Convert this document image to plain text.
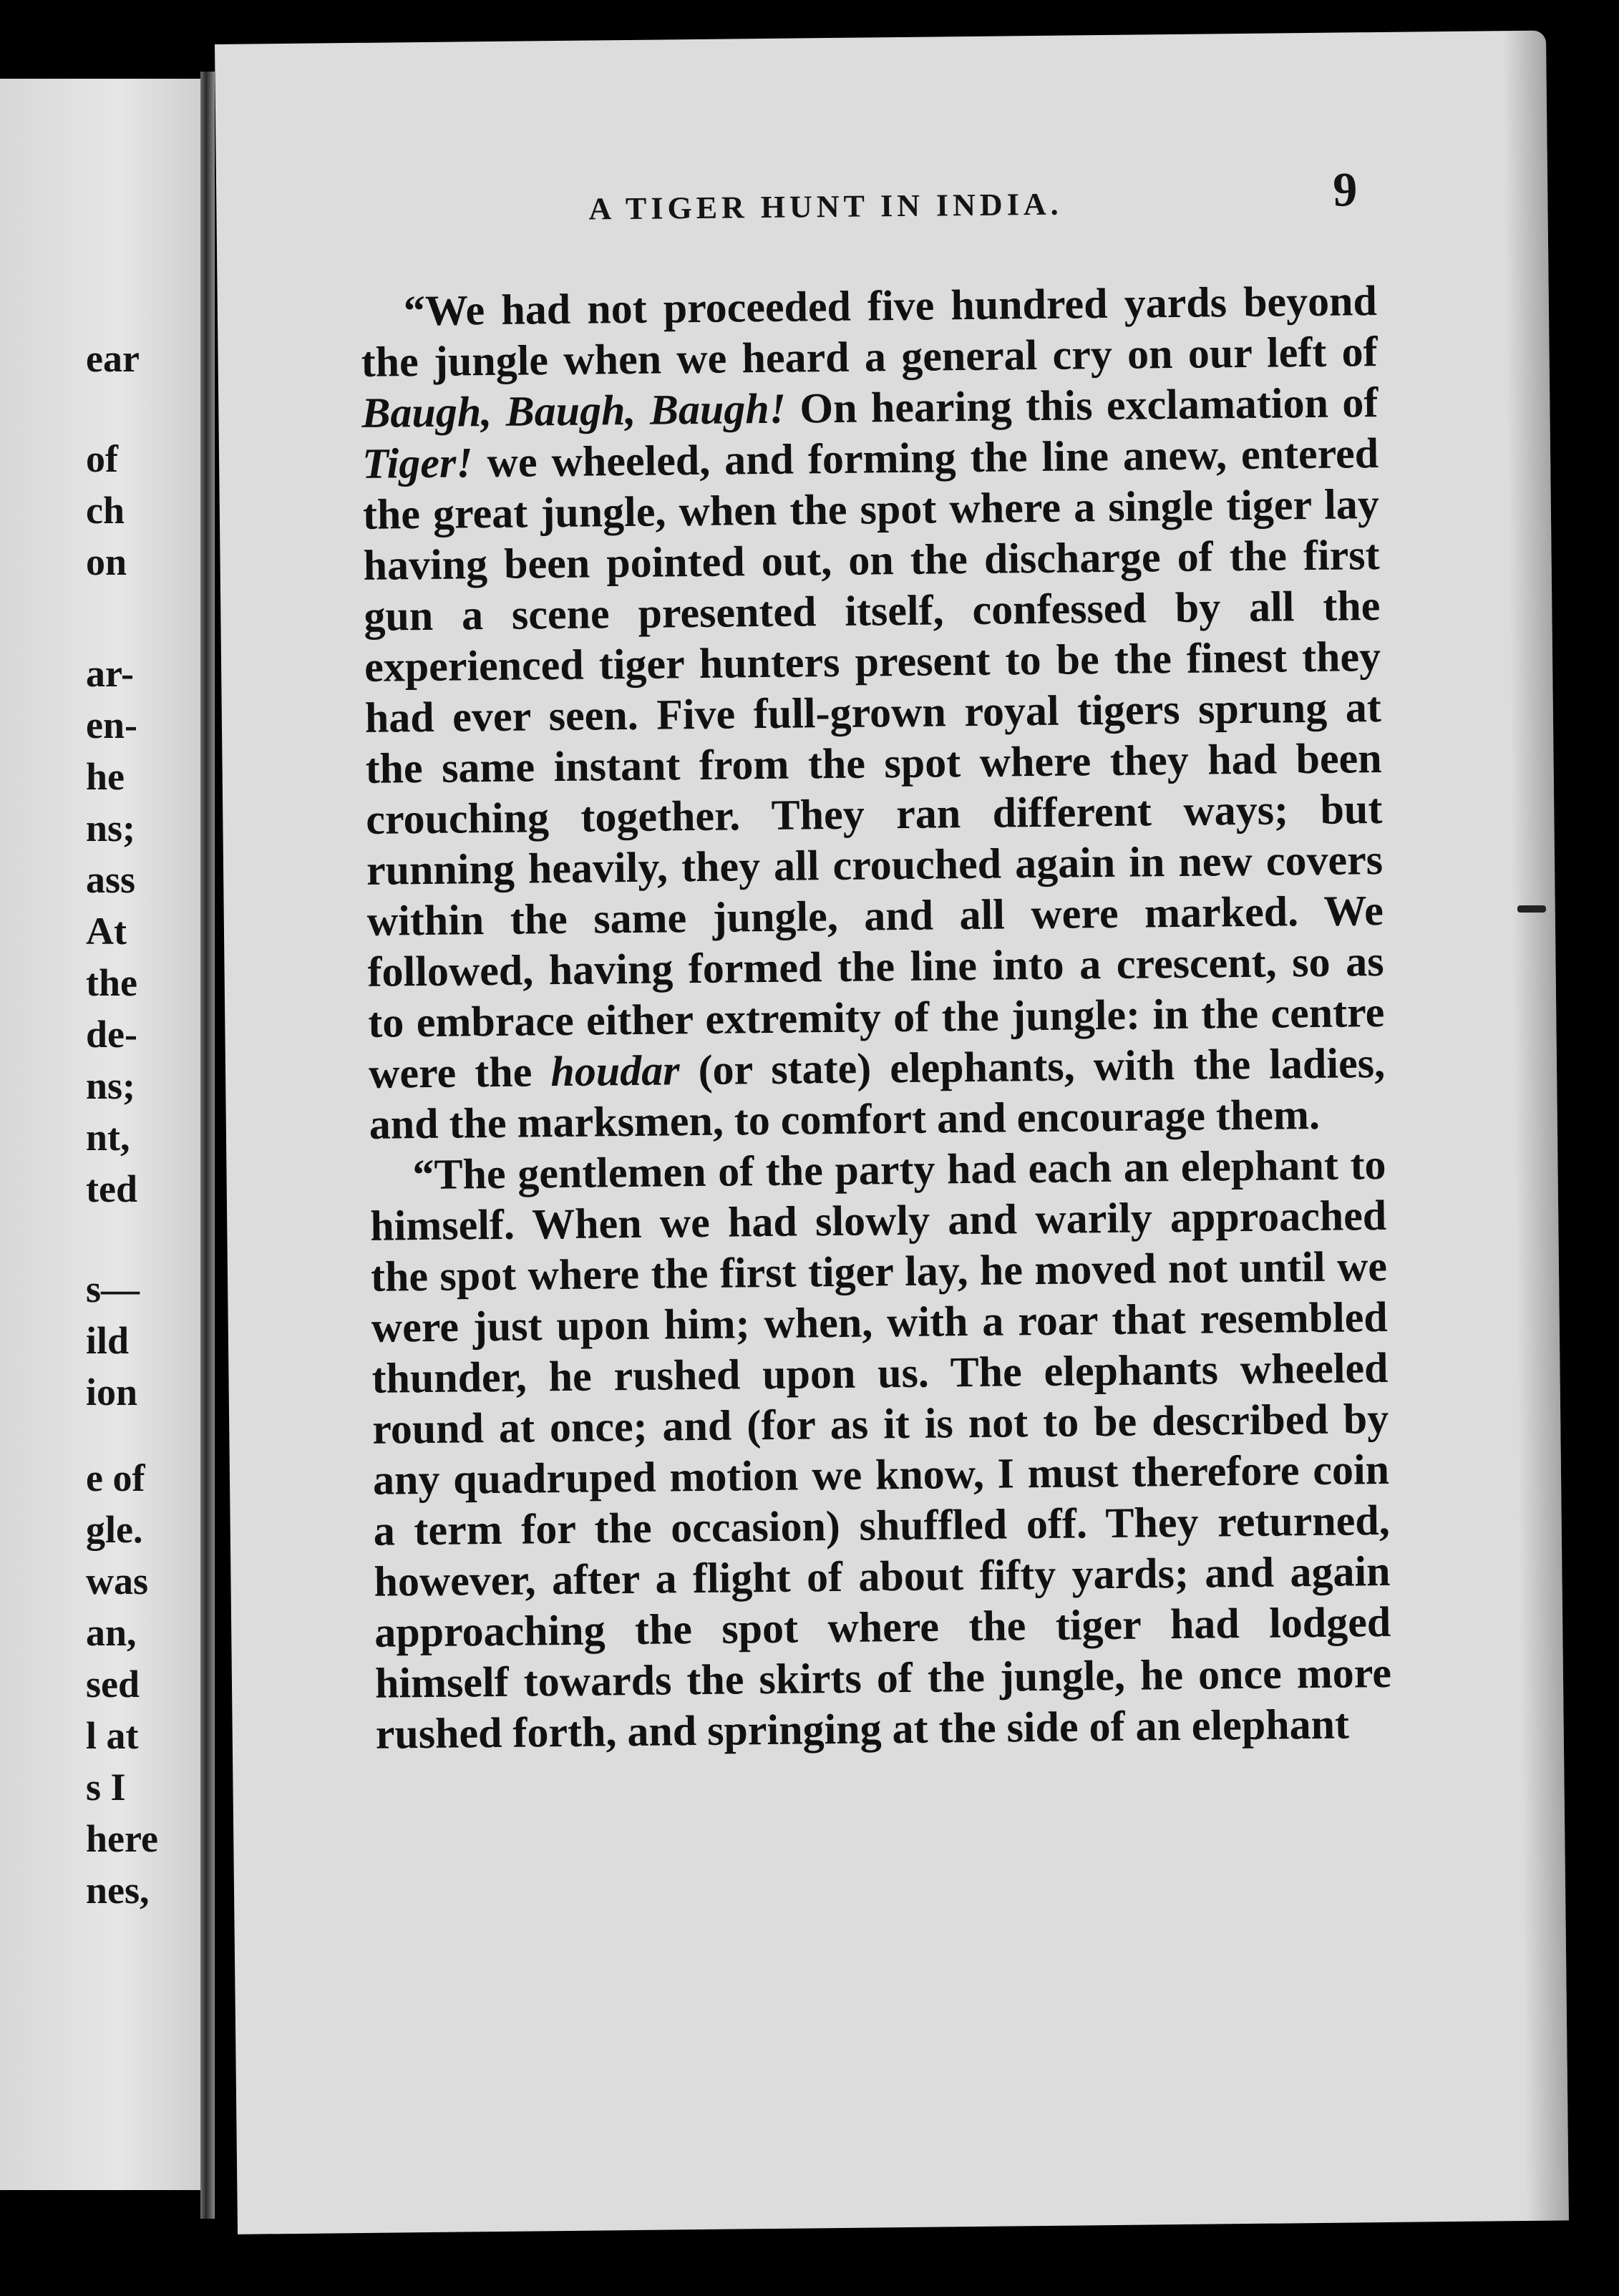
ear
of
ch
on
ar-
en-
he
ns;
ass
At
the
de-
ns;
nt,
ted
s—
ild
ion
e of
gle.
was
an,
sed
l at
s I
here
nes,
A TIGER HUNT IN INDIA.	9

“We had not proceeded five hundred yards beyond the jungle when we heard a general cry on our left of Baugh, Baugh, Baugh! On hearing this exclamation of Tiger! we wheeled, and forming the line anew, entered the great jungle, when the spot where a single tiger lay having been pointed out, on the discharge of the first gun a scene presented itself, confessed by all the experienced tiger hunters present to be the finest they had ever seen. Five full-grown royal tigers sprung at the same instant from the spot where they had been crouching together. They ran different ways; but running heavily, they all crouched again in new covers within the same jungle, and all were marked. We followed, having formed the line into a crescent, so as to embrace either extremity of the jungle: in the centre were the houdar (or state) elephants, with the ladies, and the marksmen, to comfort and encourage them.

“The gentlemen of the party had each an elephant to himself. When we had slowly and warily approached the spot where the first tiger lay, he moved not until we were just upon him; when, with a roar that resembled thunder, he rushed upon us. The elephants wheeled round at once; and (for as it is not to be described by any quadruped motion we know, I must therefore coin a term for the occasion) shuffled off. They returned, however, after a flight of about fifty yards; and again approaching the spot where the tiger had lodged himself towards the skirts of the jungle, he once more rushed forth, and springing at the side of an elephant
